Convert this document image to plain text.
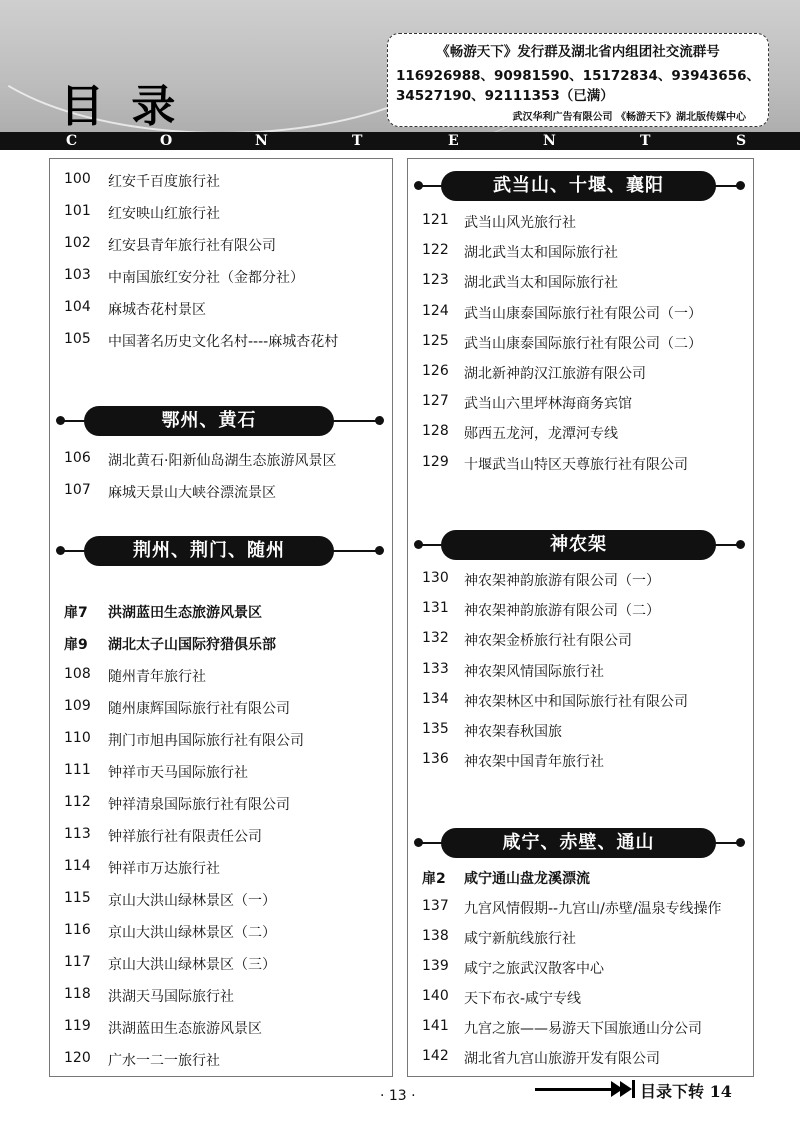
目 录
《畅游天下》发行群及湖北省内组团社交流群号
116926988、90981590、15172834、93943656、
34527190、92111353（已满）
武汉华利广告有限公司 《畅游天下》湖北版传媒中心
C	O	N	T	E	N	T	S
100 红安千百度旅行社
101 红安映山红旅行社
102 红安县青年旅行社有限公司
103 中南国旅红安分社（金都分社）
104 麻城杏花村景区
105 中国著名历史文化名村----麻城杏花村
鄂州、黄石
106 湖北黄石·阳新仙岛湖生态旅游风景区
107 麻城天景山大峡谷漂流景区
荆州、荆门、随州
扉7 洪湖蓝田生态旅游风景区
扉9 湖北太子山国际狩猎俱乐部
108 随州青年旅行社
109 随州康辉国际旅行社有限公司
110 荆门市旭冉国际旅行社有限公司
111 钟祥市天马国际旅行社
112 钟祥清泉国际旅行社有限公司
113 钟祥旅行社有限责任公司
114 钟祥市万达旅行社
115 京山大洪山绿林景区（一）
116 京山大洪山绿林景区（二）
117 京山大洪山绿林景区（三）
118 洪湖天马国际旅行社
119 洪湖蓝田生态旅游风景区
120 广水一二一旅行社
武当山、十堰、襄阳
121 武当山风光旅行社
122 湖北武当太和国际旅行社
123 湖北武当太和国际旅行社
124 武当山康泰国际旅行社有限公司（一）
125 武当山康泰国际旅行社有限公司（二）
126 湖北新神韵汉江旅游有限公司
127 武当山六里坪林海商务宾馆
128 郧西五龙河，龙潭河专线
129 十堰武当山特区天尊旅行社有限公司
神农架
130 神农架神韵旅游有限公司（一）
131 神农架神韵旅游有限公司（二）
132 神农架金桥旅行社有限公司
133 神农架风情国际旅行社
134 神农架林区中和国际旅行社有限公司
135 神农架春秋国旅
136 神农架中国青年旅行社
咸宁、赤壁、通山
扉2 咸宁通山盘龙溪漂流
137 九宫风情假期--九宫山/赤壁/温泉专线操作
138 咸宁新航线旅行社
139 咸宁之旅武汉散客中心
140 天下布衣-咸宁专线
141 九宫之旅——易游天下国旅通山分公司
142 湖北省九宫山旅游开发有限公司
· 13 ·	目录下转 14
